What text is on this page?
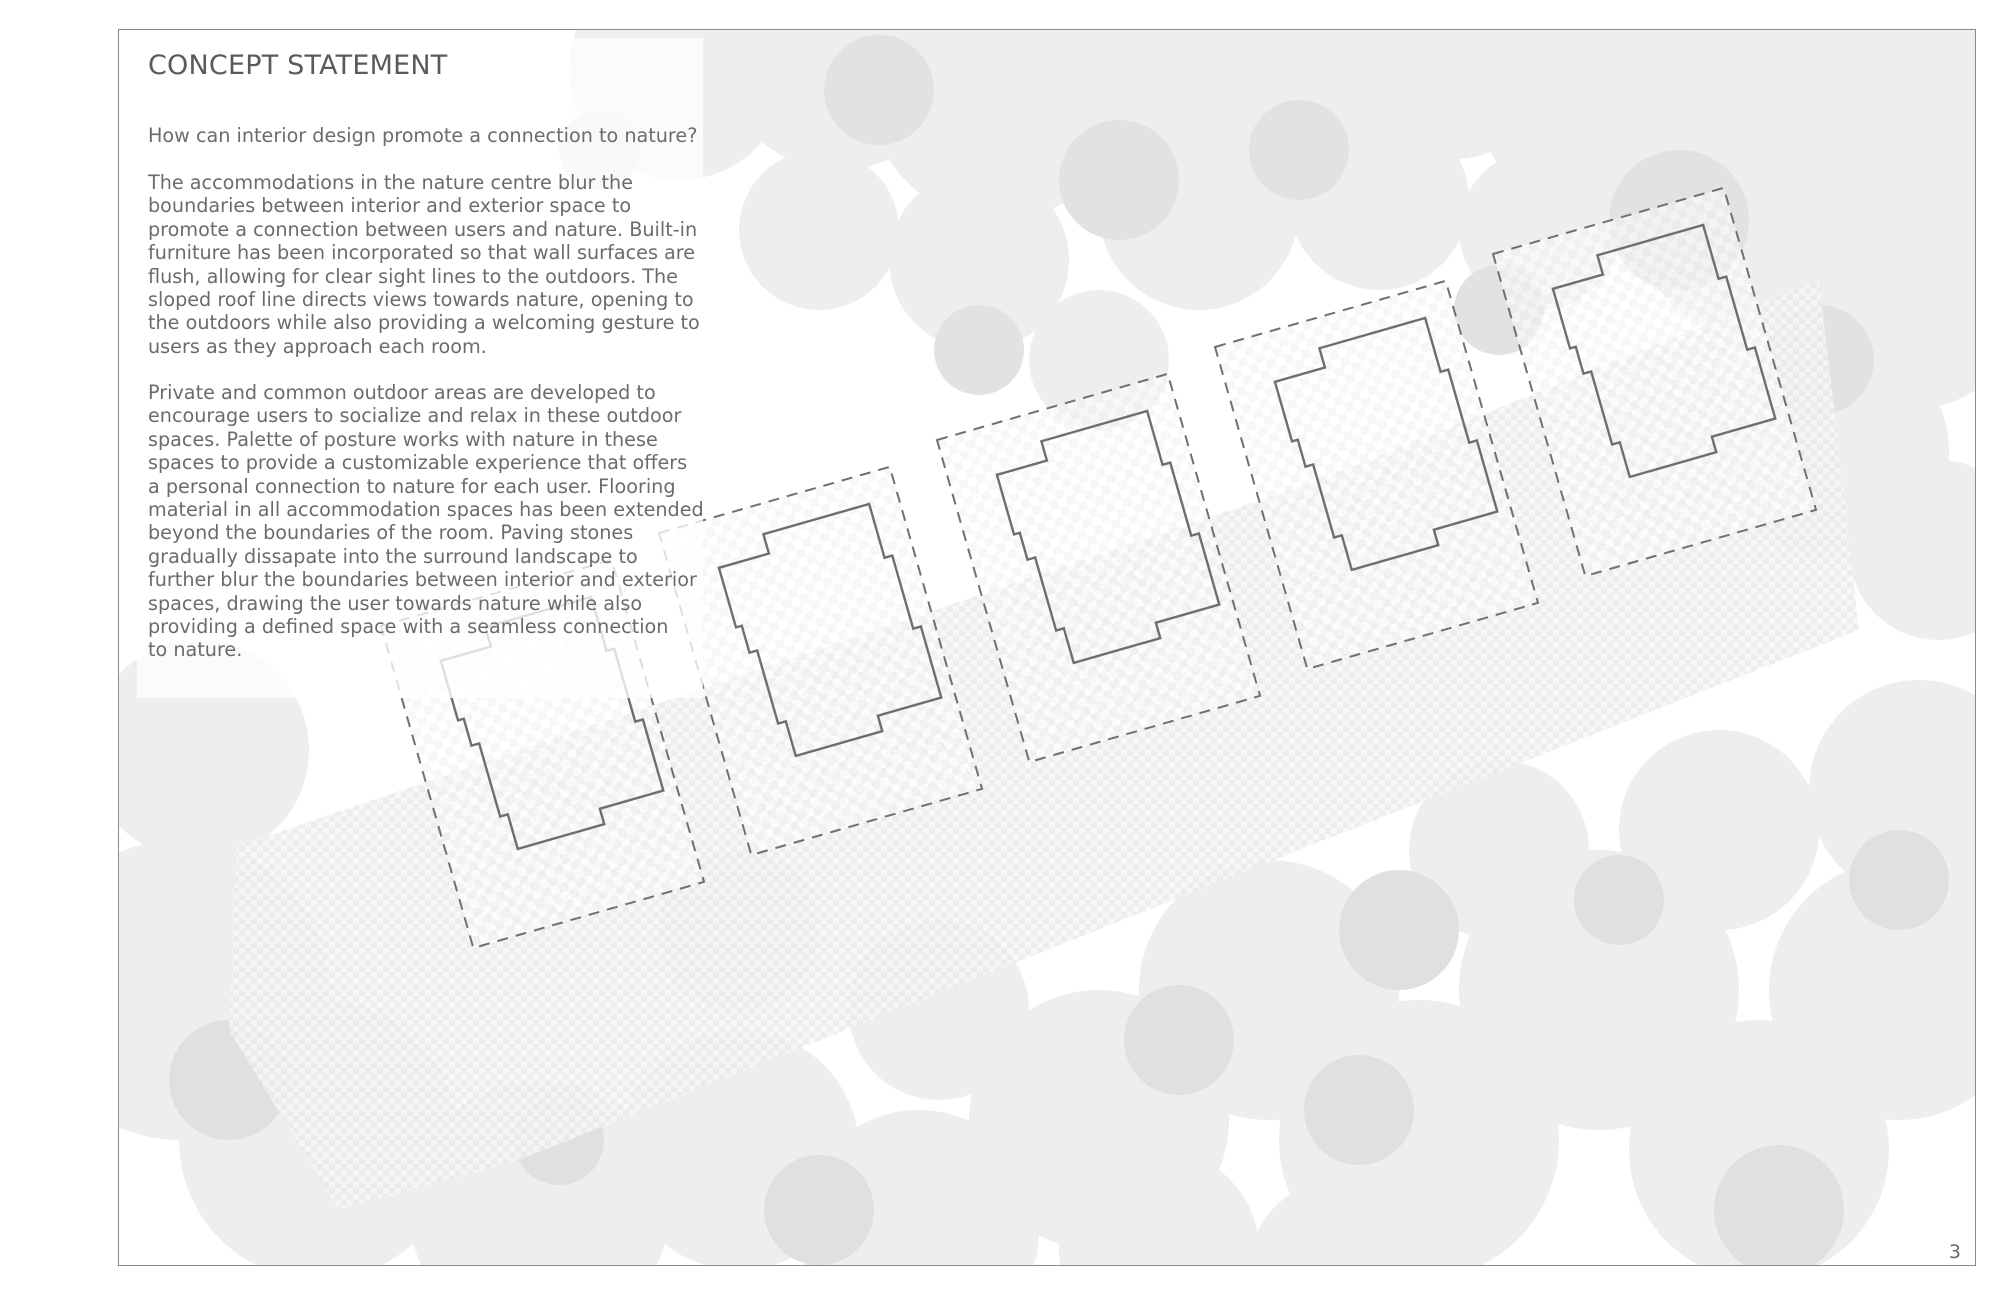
CONCEPT STATEMENT

How can interior design promote a connection to nature?

The accommodations in the nature centre blur the
boundaries between interior and exterior space to
promote a connection between users and nature. Built-in
furniture has been incorporated so that wall surfaces are
flush, allowing for clear sight lines to the outdoors. The
sloped roof line directs views towards nature, opening to
the outdoors while also providing a welcoming gesture to
users as they approach each room.

Private and common outdoor areas are developed to
encourage users to socialize and relax in these outdoor
spaces. Palette of posture works with nature in these
spaces to provide a customizable experience that offers
a personal connection to nature for each user. Flooring
material in all accommodation spaces has been extended
beyond the boundaries of the room. Paving stones
gradually dissapate into the surround landscape to
further blur the boundaries between interior and exterior
spaces, drawing the user towards nature while also
providing a defined space with a seamless connection
to nature.

3
